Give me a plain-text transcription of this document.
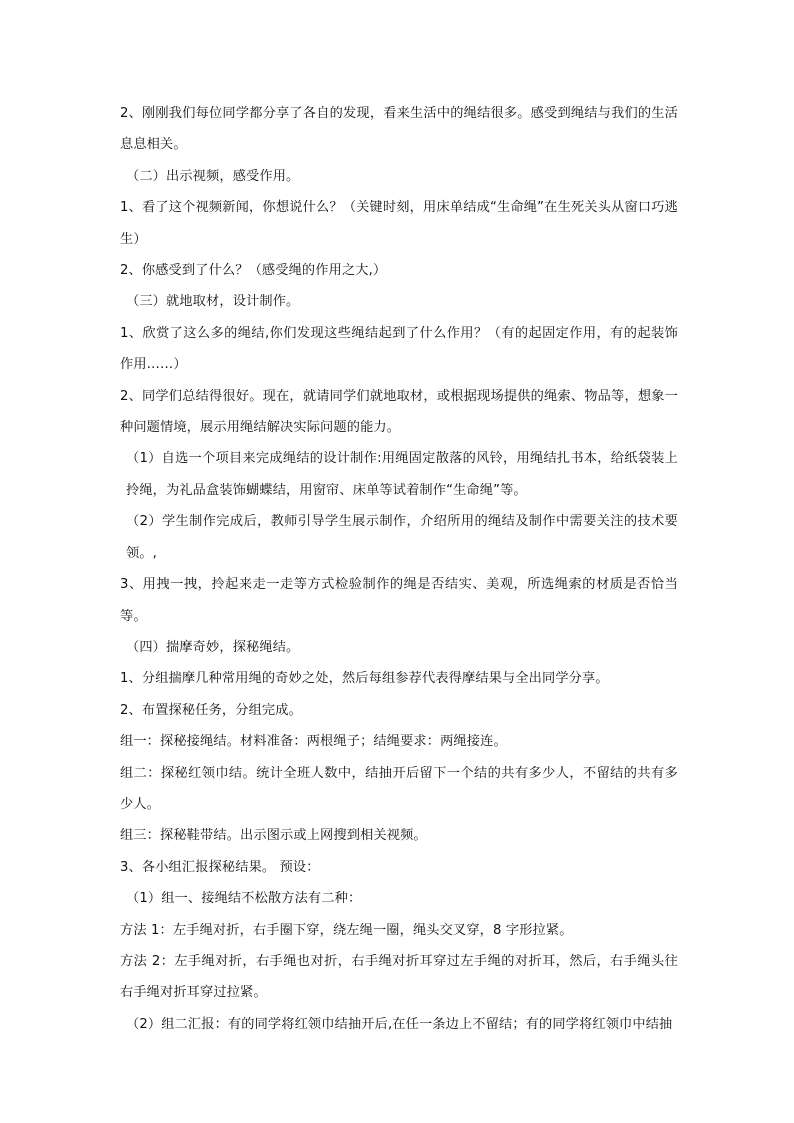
2、刚刚我们每位同学都分享了各自的发现，看来生活中的绳结很多。感受到绳结与我们的生活息息相关。

（二）出示视频，感受作用。

1、看了这个视频新闻，你想说什么？（关键时刻，用床单结成“生命绳”在生死关头从窗口巧逃生）

2、你感受到了什么？（感受绳的作用之大,）

（三）就地取材，设计制作。

1、欣赏了这么多的绳结,你们发现这些绳结起到了什么作用？（有的起固定作用，有的起装饰作用……）

2、同学们总结得很好。现在，就请同学们就地取材，或根据现场提供的绳索、物品等，想象一种问题情境，展示用绳结解决实际问题的能力。

（1）自选一个项目来完成绳结的设计制作:用绳固定散落的风铃，用绳结扎书本，给纸袋装上拎绳，为礼品盒装饰蝴蝶结，用窗帘、床单等试着制作“生命绳”等。

（2）学生制作完成后，教师引导学生展示制作，介绍所用的绳结及制作中需要关注的技术要领。,

3、用拽一拽，拎起来走一走等方式检验制作的绳是否结实、美观，所选绳索的材质是否恰当等。

（四）揣摩奇妙，探秘绳结。

1、分组揣摩几种常用绳的奇妙之处，然后每组参荐代表得摩结果与全出同学分享。

2、布置探秘任务，分组完成。

组一：探秘接绳结。材料准备：两根绳子；结绳要求：两绳接连。

组二：探秘红领巾结。统计全班人数中，结抽开后留下一个结的共有多少人，不留结的共有多少人。

组三：探秘鞋带结。出示图示或上网搜到相关视频。

3、各小组汇报探秘结果。 预设：

（1）组一、接绳结不松散方法有二种：

方法 1：左手绳对折，右手圈下穿，绕左绳一圈，绳头交叉穿，8 字形拉紧。

方法 2：左手绳对折，右手绳也对折，右手绳对折耳穿过左手绳的对折耳，然后，右手绳头往右手绳对折耳穿过拉紧。

（2）组二汇报：有的同学将红领巾结抽开后,在任一条边上不留结；有的同学将红领巾中结抽
